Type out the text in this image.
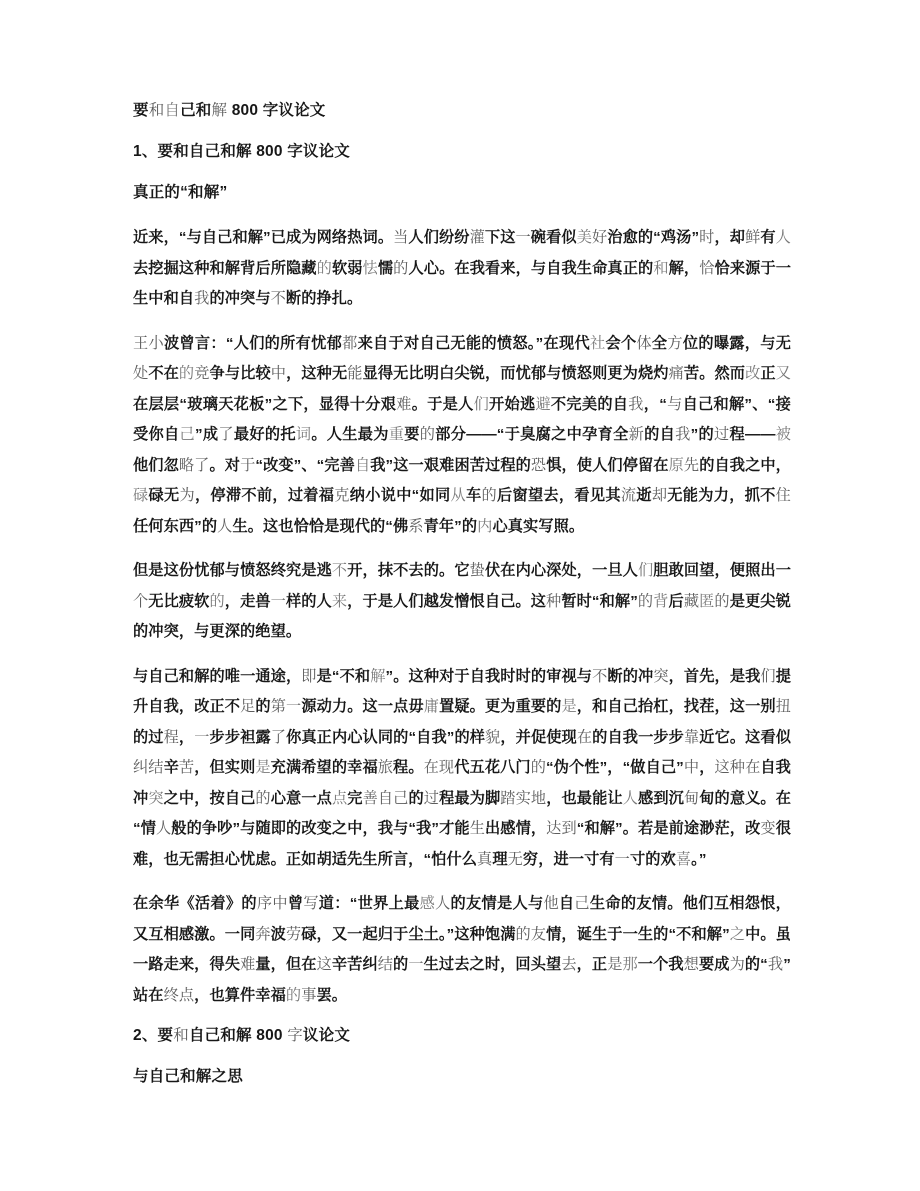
要和自己和解 800 字议论文

1、要和自己和解 800 字议论文

真正的“和解”

近来，“与自己和解”已成为网络热词。当人们纷纷灌下这一碗看似美好治愈的“鸡汤”时，却鲜有人去挖掘这种和解背后所隐藏的软弱怯懦的人心。在我看来，与自我生命真正的和解，恰恰来源于一生中和自我的冲突与不断的挣扎。

王小波曾言：“人们的所有忧郁都来自于对自己无能的愤怒。”在现代社会个体全方位的曝露，与无处不在的竞争与比较中，这种无能显得无比明白尖锐，而忧郁与愤怒则更为烧灼痛苦。然而改正又在层层“玻璃天花板”之下，显得十分艰难。于是人们开始逃避不完美的自我，“与自己和解”、“接受你自己”成了最好的托词。人生最为重要的部分——“于臭腐之中孕育全新的自我”的过程——被他们忽略了。对于“改变”、“完善自我”这一艰难困苦过程的恐惧，使人们停留在原先的自我之中，碌碌无为，停滞不前，过着福克纳小说中“如同从车的后窗望去，看见其流逝却无能为力，抓不住任何东西”的人生。这也恰恰是现代的“佛系青年”的内心真实写照。

但是这份忧郁与愤怒终究是逃不开，抹不去的。它蛰伏在内心深处，一旦人们胆敢回望，便照出一个无比疲软的，走兽一样的人来，于是人们越发憎恨自己。这种暂时“和解”的背后藏匿的是更尖锐的冲突，与更深的绝望。

与自己和解的唯一通途，即是“不和解”。这种对于自我时时的审视与不断的冲突，首先，是我们提升自我，改正不足的第一源动力。这一点毋庸置疑。更为重要的是，和自己抬杠，找茬，这一别扭的过程，一步步袒露了你真正内心认同的“自我”的样貌，并促使现在的自我一步步靠近它。这看似纠结辛苦，但实则是充满希望的幸福旅程。在现代五花八门的“伪个性”，“做自己”中，这种在自我冲突之中，按自己的心意一点点完善自己的过程最为脚踏实地，也最能让人感到沉甸甸的意义。在“情人般的争吵”与随即的改变之中，我与“我”才能生出感情，达到“和解”。若是前途渺茫，改变很难，也无需担心忧虑。正如胡适先生所言，“怕什么真理无穷，进一寸有一寸的欢喜。”

在余华《活着》的序中曾写道：“世界上最感人的友情是人与他自己生命的友情。他们互相怨恨，又互相感激。一同奔波劳碌，又一起归于尘土。”这种饱满的友情，诞生于一生的“不和解”之中。虽一路走来，得失难量，但在这辛苦纠结的一生过去之时，回头望去，正是那一个我想要成为的“我”站在终点，也算件幸福的事罢。

2、要和自己和解 800 字议论文

与自己和解之思
